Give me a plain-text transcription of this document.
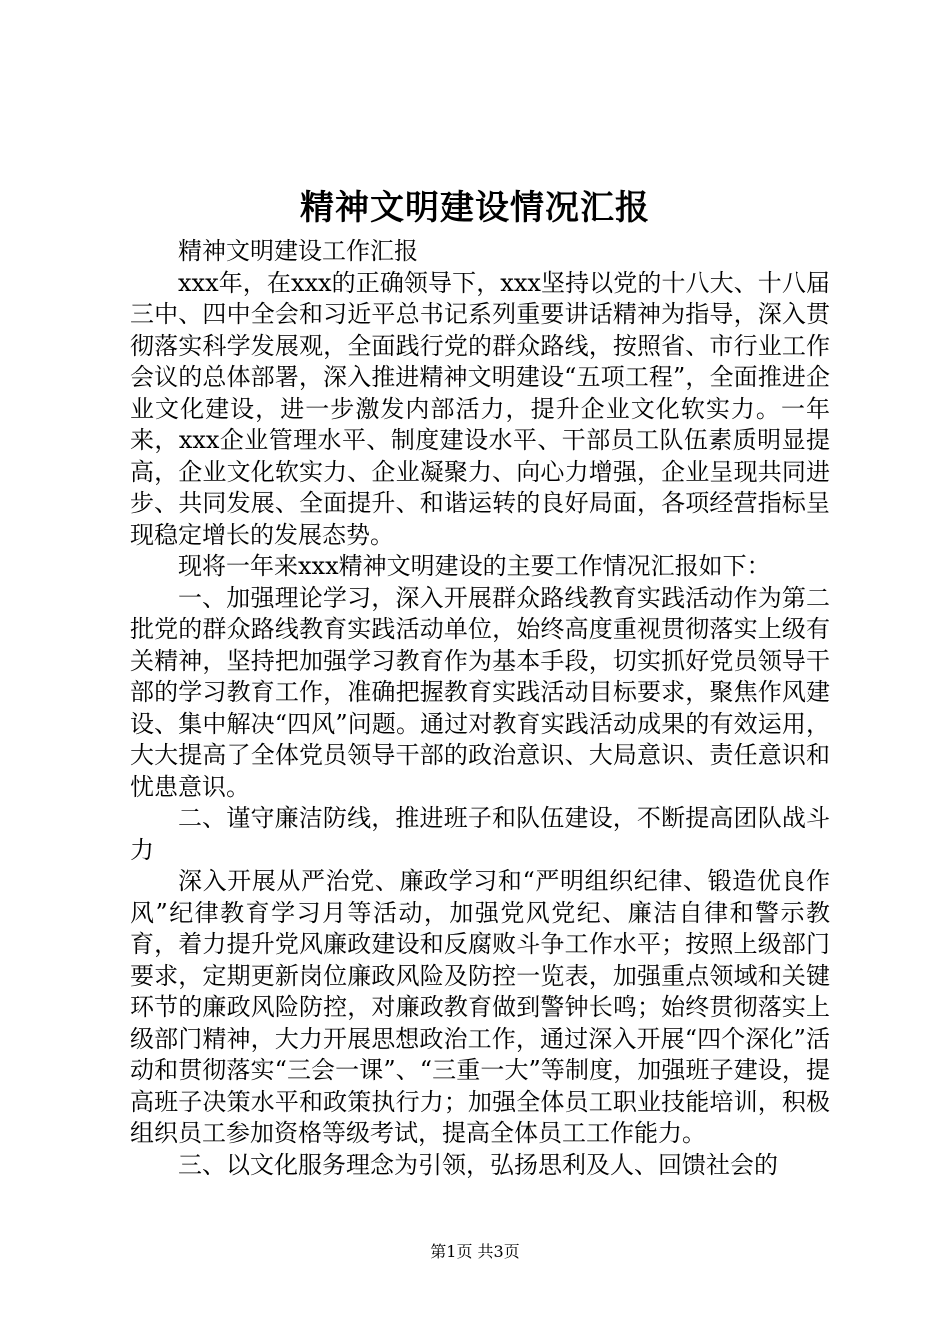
精神文明建设情况汇报

精神文明建设工作汇报

xxx年，在xxx的正确领导下，xxx坚持以党的十八大、十八届三中、四中全会和习近平总书记系列重要讲话精神为指导，深入贯彻落实科学发展观，全面践行党的群众路线，按照省、市行业工作会议的总体部署，深入推进精神文明建设“五项工程”，全面推进企业文化建设，进一步激发内部活力，提升企业文化软实力。一年来，xxx企业管理水平、制度建设水平、干部员工队伍素质明显提高，企业文化软实力、企业凝聚力、向心力增强，企业呈现共同进步、共同发展、全面提升、和谐运转的良好局面，各项经营指标呈现稳定增长的发展态势。

现将一年来xxx精神文明建设的主要工作情况汇报如下：

一、加强理论学习，深入开展群众路线教育实践活动作为第二批党的群众路线教育实践活动单位，始终高度重视贯彻落实上级有关精神，坚持把加强学习教育作为基本手段，切实抓好党员领导干部的学习教育工作，准确把握教育实践活动目标要求，聚焦作风建设、集中解决“四风”问题。通过对教育实践活动成果的有效运用，大大提高了全体党员领导干部的政治意识、大局意识、责任意识和忧患意识。

二、谨守廉洁防线，推进班子和队伍建设，不断提高团队战斗力

深入开展从严治党、廉政学习和“严明组织纪律、锻造优良作风”纪律教育学习月等活动，加强党风党纪、廉洁自律和警示教育，着力提升党风廉政建设和反腐败斗争工作水平；按照上级部门要求，定期更新岗位廉政风险及防控一览表，加强重点领域和关键环节的廉政风险防控，对廉政教育做到警钟长鸣；始终贯彻落实上级部门精神，大力开展思想政治工作，通过深入开展“四个深化”活动和贯彻落实“三会一课”、“三重一大”等制度，加强班子建设，提高班子决策水平和政策执行力；加强全体员工职业技能培训，积极组织员工参加资格等级考试，提高全体员工工作能力。

三、以文化服务理念为引领，弘扬思利及人、回馈社会的

第1页 共3页
